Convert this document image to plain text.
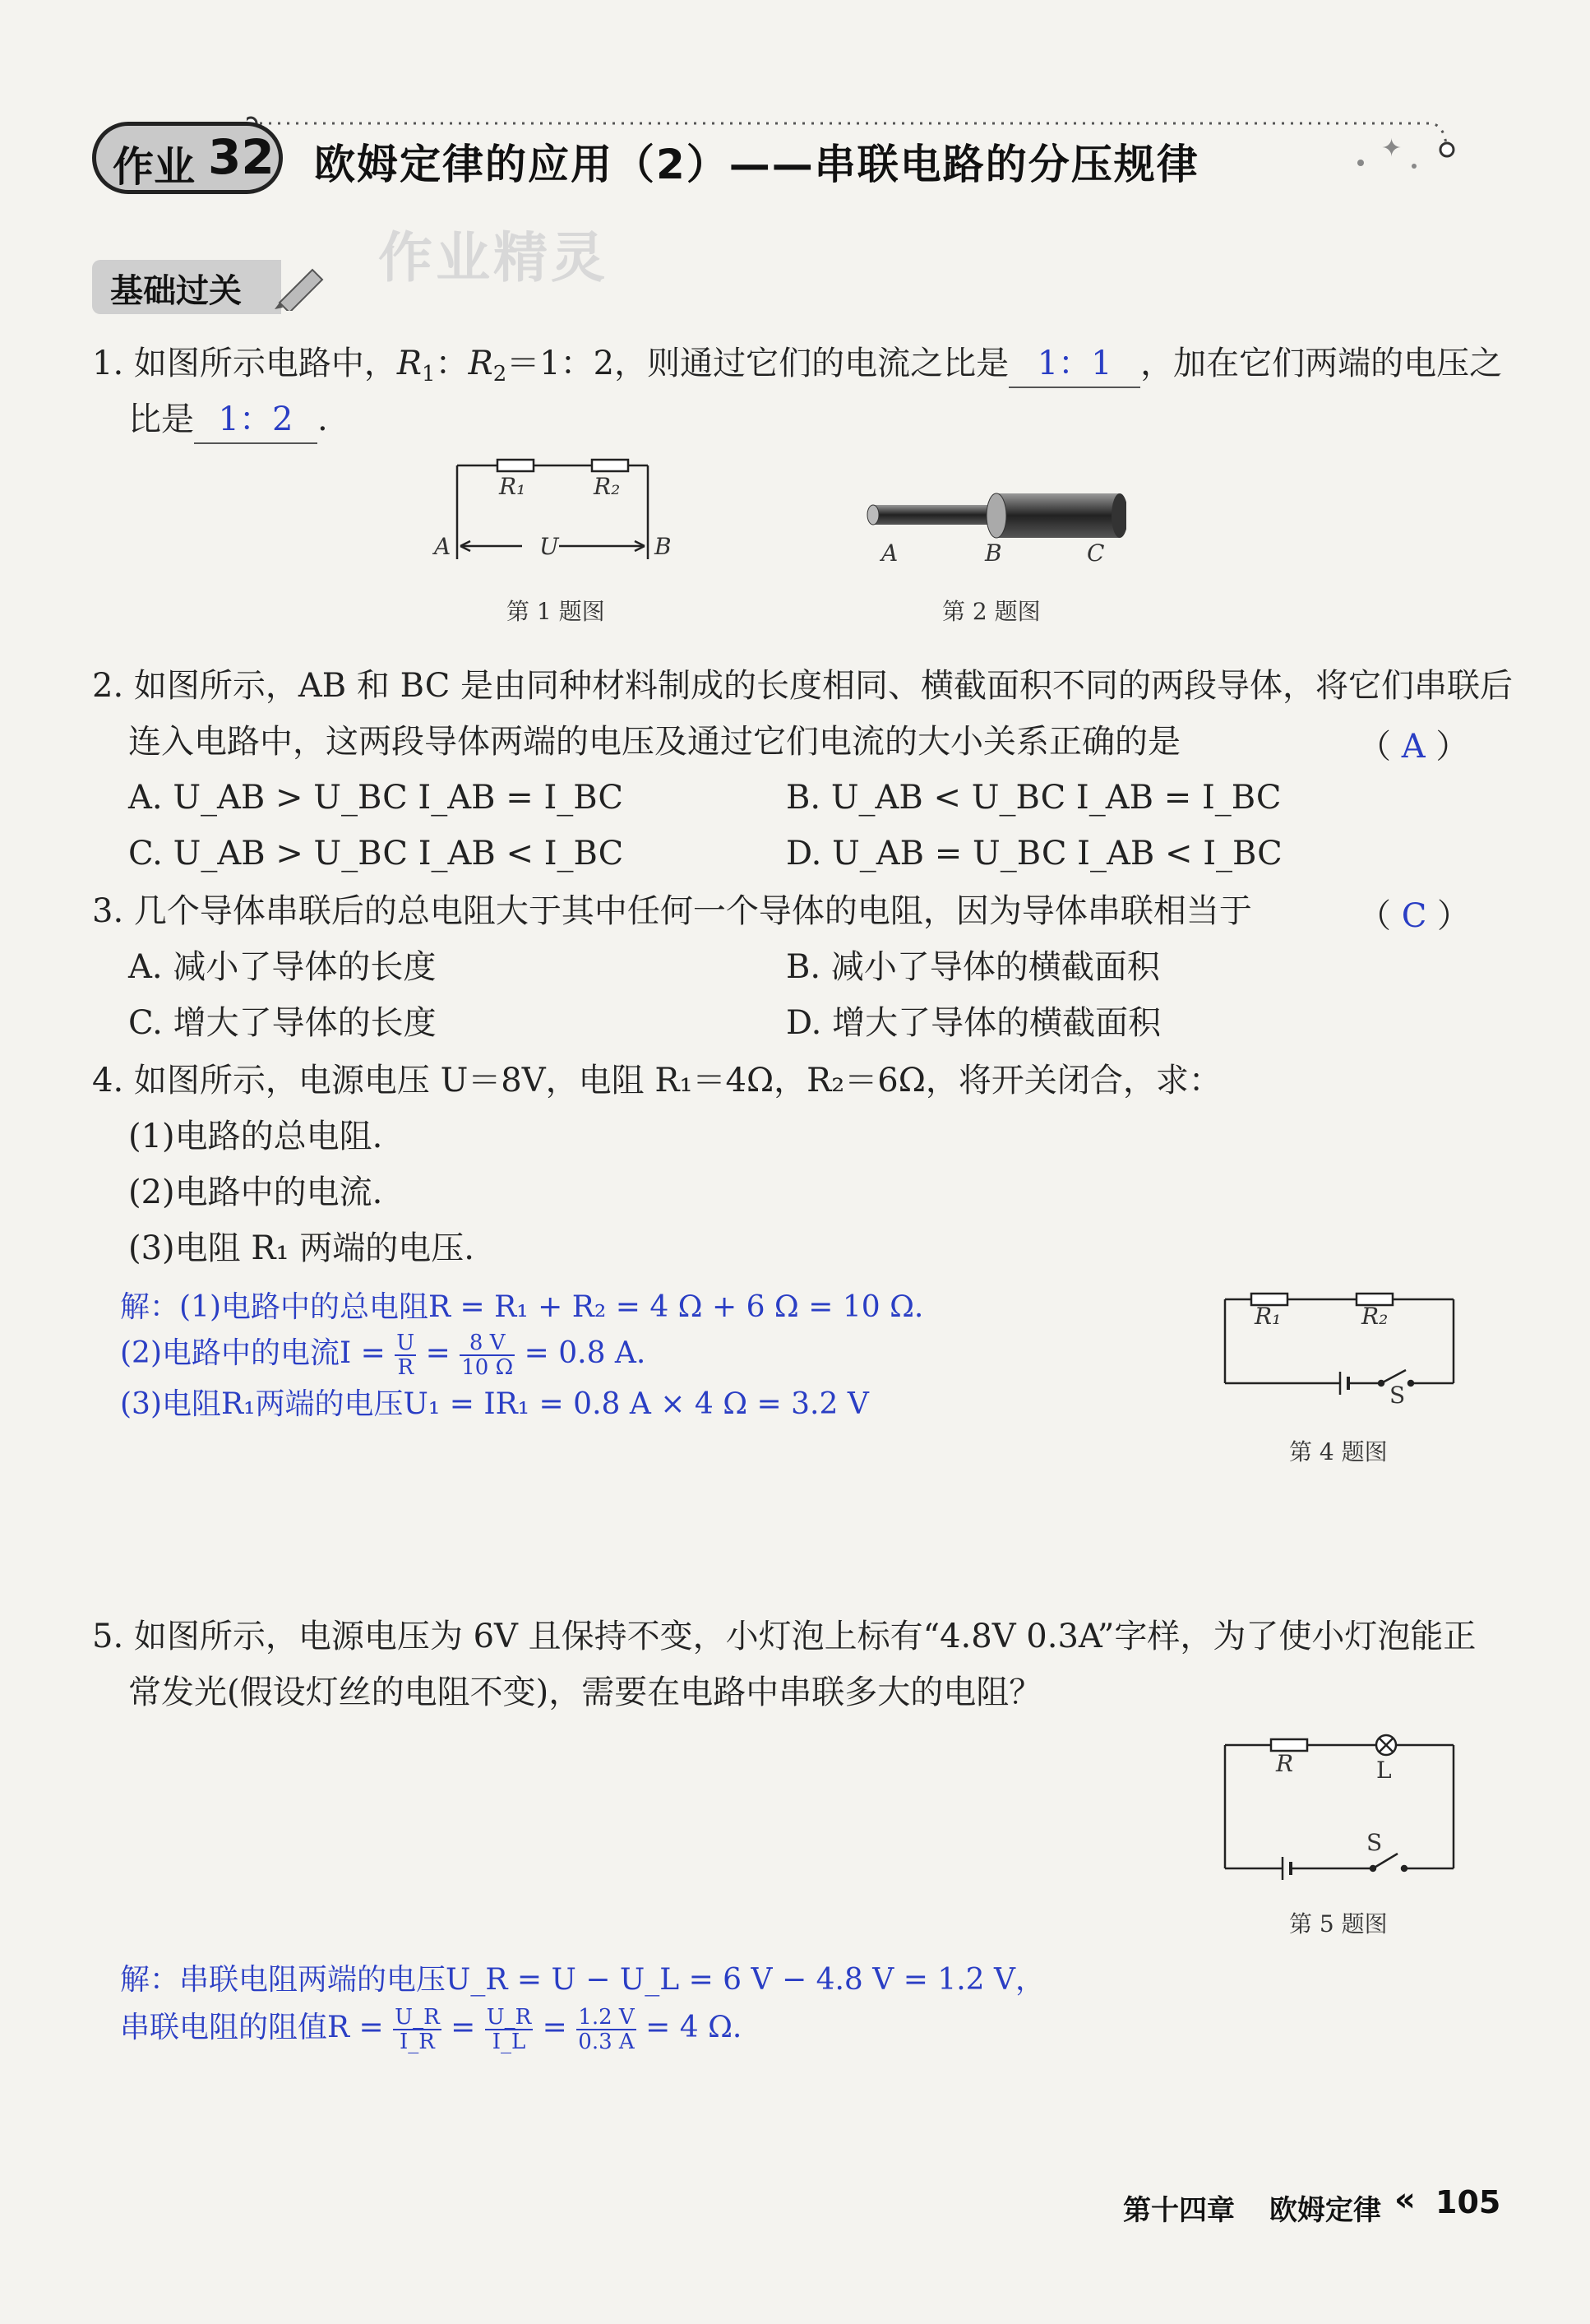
✦
作业 32 欧姆定律的应用（2）——串联电路的分压规律
作业精灵
基础过关
1. 如图所示电路中，$R_1$：$R_2=1$：2，则通过它们的电流之比是 1：1 ，加在它们两端的电压之
比是 1：2 .
R₁	R₂
A	U	B
第 1 题图
A	B	C
第 2 题图
2. 如图所示，AB 和 BC 是由同种材料制成的长度相同、横截面积不同的两段导体，将它们串联后
连入电路中，这两段导体两端的电压及通过它们电流的大小关系正确的是	（ A ）
A. U_AB > U_BC I_AB = I_BC	B. U_AB < U_BC I_AB = I_BC
C. U_AB > U_BC I_AB < I_BC	D. U_AB = U_BC I_AB < I_BC
3. 几个导体串联后的总电阻大于其中任何一个导体的电阻，因为导体串联相当于	（ C ）
A. 减小了导体的长度	B. 减小了导体的横截面积
C. 增大了导体的长度	D. 增大了导体的横截面积
4. 如图所示，电源电压 U＝8V，电阻 R₁＝4Ω，R₂＝6Ω，将开关闭合，求：
(1)电路的总电阻.
(2)电路中的电流.
(3)电阻 R₁ 两端的电压.
解：(1)电路中的总电阻R = R₁ + R₂ = 4 Ω + 6 Ω = 10 Ω.
(2)电路中的电流$I = \frac{U}{R} = \frac{8 V}{10 \Omega} = 0.8$ A.
(3)电阻R₁两端的电压U₁ = IR₁ = 0.8 A × 4 Ω = 3.2 V
R₁	R₂
S
第 4 题图
5. 如图所示，电源电压为 6V 且保持不变，小灯泡上标有“4.8V 0.3A”字样，为了使小灯泡能正
常发光(假设灯丝的电阻不变)，需要在电路中串联多大的电阻？
R	L
S
第 5 题图
解：串联电阻两端的电压U_R = U − U_L = 6 V − 4.8 V = 1.2 V，
串联电阻的阻值$R = \frac{U\_R}{I\_R} = \frac{U\_R}{I\_L} = \frac{1.2 V}{0.3 A} = 4$ Ω.
第十四章 欧姆定律 « 105
